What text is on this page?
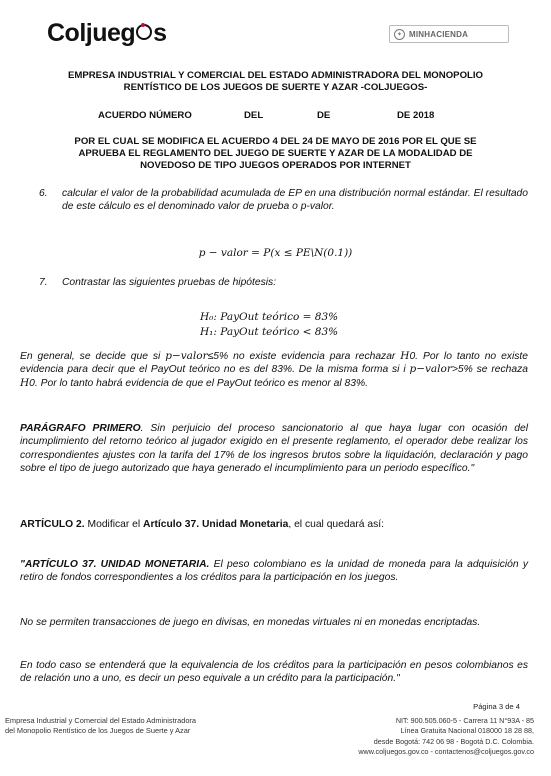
Coljueg s	✦ MINHACIENDA
EMPRESA INDUSTRIAL Y COMERCIAL DEL ESTADO ADMINISTRADORA DEL MONOPOLIO
RENTÍSTICO DE LOS JUEGOS DE SUERTE Y AZAR -COLJUEGOS-
ACUERDO NÚMERO	DEL	DE	DE 2018
POR EL CUAL SE MODIFICA EL ACUERDO 4 DEL 24 DE MAYO DE 2016 POR EL QUE SE
APRUEBA EL REGLAMENTO DEL JUEGO DE SUERTE Y AZAR DE LA MODALIDAD DE
NOVEDOSO DE TIPO JUEGOS OPERADOS POR INTERNET
6. calcular el valor de la probabilidad acumulada de EP en una distribución normal estándar. El resultado de este cálculo es el denominado valor de prueba o p-valor.
p − valor = P(x ≤ PE\N(0.1))
7. Contrastar las siguientes pruebas de hipótesis:
H₀: PayOut teórico = 83%
H₁: PayOut teórico < 83%
En general, se decide que si p−valor≤5% no existe evidencia para rechazar H0. Por lo tanto no existe evidencia para decir que el PayOut teórico no es del 83%. De la misma forma si i p−valor>5% se rechaza H0. Por lo tanto habrá evidencia de que el PayOut teórico es menor al 83%.
PARÁGRAFO PRIMERO. Sin perjuicio del proceso sancionatorio al que haya lugar con ocasión del incumplimiento del retorno teórico al jugador exigido en el presente reglamento, el operador debe realizar los correspondientes ajustes con la tarifa del 17% de los ingresos brutos sobre la liquidación, declaración y pago sobre el tipo de juego autorizado que haya generado el incumplimiento para un periodo específico."
ARTÍCULO 2. Modificar el Artículo 37. Unidad Monetaria, el cual quedará así:
"ARTÍCULO 37. UNIDAD MONETARIA. El peso colombiano es la unidad de moneda para la adquisición y retiro de fondos correspondientes a los créditos para la participación en los juegos.
No se permiten transacciones de juego en divisas, en monedas virtuales ni en monedas encriptadas.
En todo caso se entenderá que la equivalencia de los créditos para la participación en pesos colombianos es de relación uno a uno, es decir un peso equivale a un crédito para la participación."
Página 3 de 4
Empresa Industrial y Comercial del Estado Administradora
del Monopolio Rentístico de los Juegos de Suerte y Azar
NIT: 900.505.060-5 - Carrera 11 N°93A - 85
Línea Gratuita Nacional 018000 18 28 88,
desde Bogotá: 742 06 98 - Bogotá D.C. Colombia.
www.coljuegos.gov.co - contactenos@coljuegos.gov.co
